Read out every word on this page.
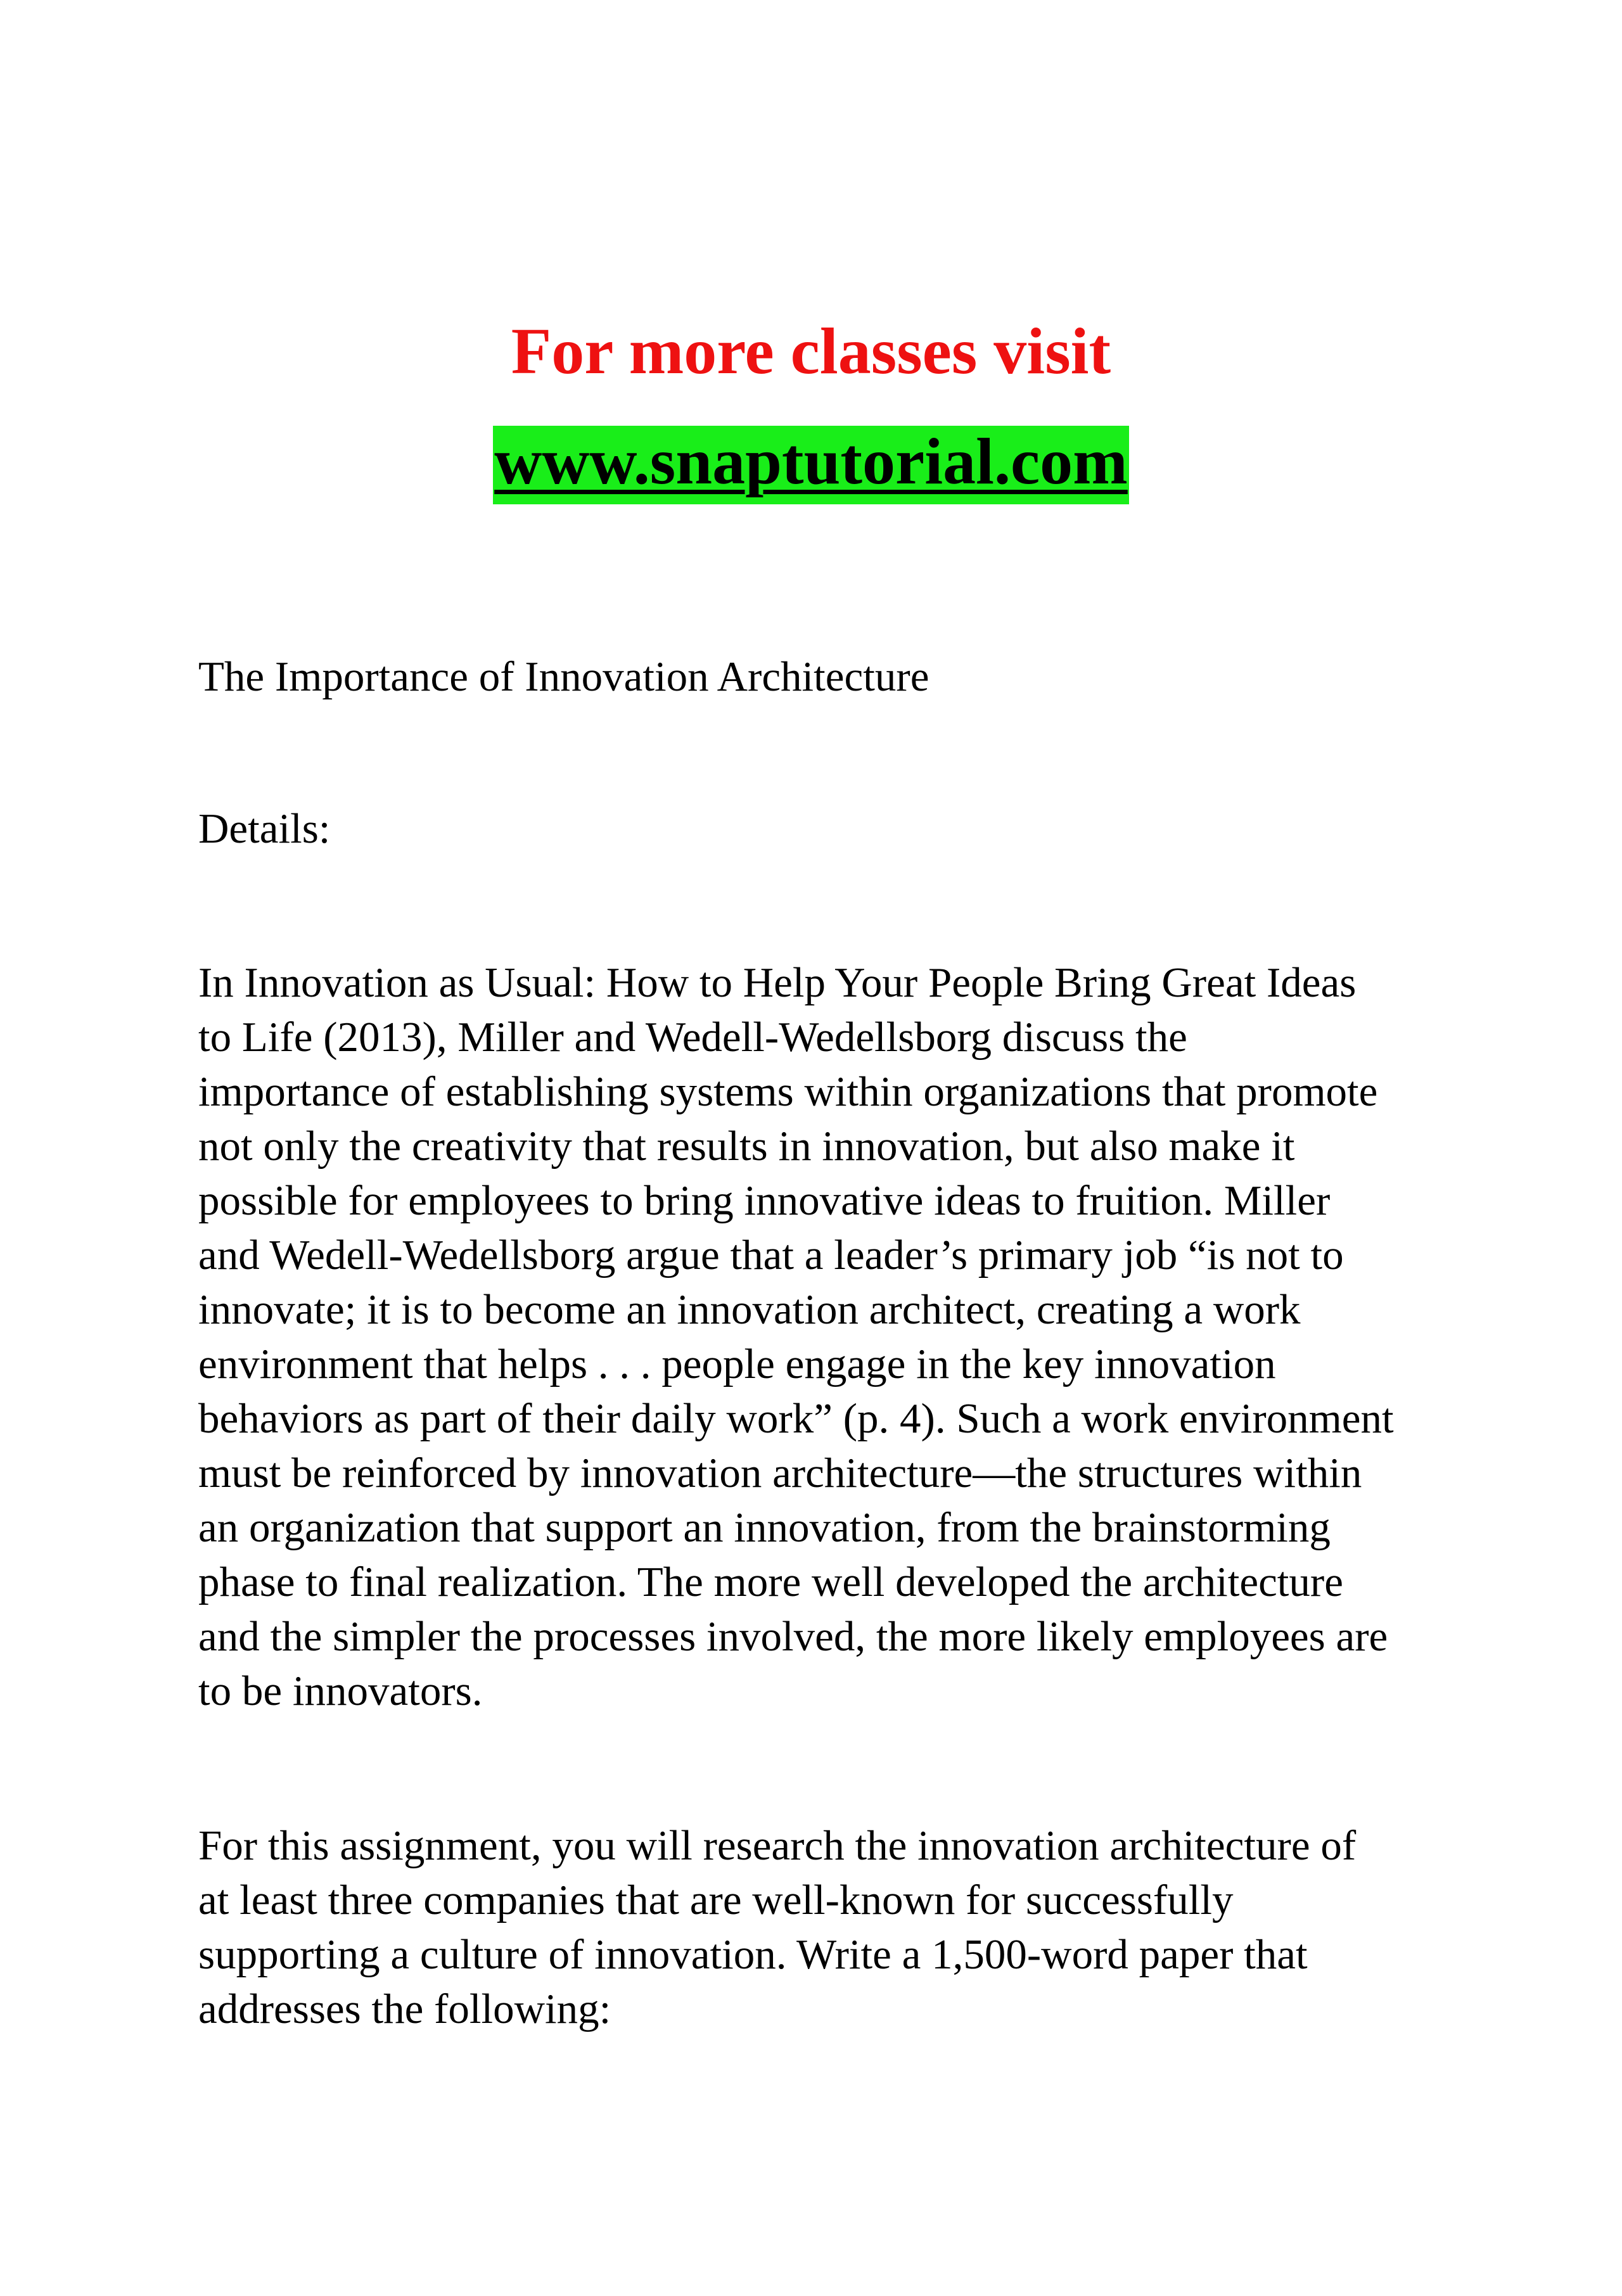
For more classes visit
www.snaptutorial.com
The Importance of Innovation Architecture
Details:
In Innovation as Usual: How to Help Your People Bring Great Ideas
to Life (2013), Miller and Wedell-Wedellsborg discuss the
importance of establishing systems within organizations that promote
not only the creativity that results in innovation, but also make it
possible for employees to bring innovative ideas to fruition. Miller
and Wedell-Wedellsborg argue that a leader’s primary job “is not to
innovate; it is to become an innovation architect, creating a work
environment that helps . . . people engage in the key innovation
behaviors as part of their daily work” (p. 4). Such a work environment
must be reinforced by innovation architecture—the structures within
an organization that support an innovation, from the brainstorming
phase to final realization. The more well developed the architecture
and the simpler the processes involved, the more likely employees are
to be innovators.
For this assignment, you will research the innovation architecture of
at least three companies that are well-known for successfully
supporting a culture of innovation. Write a 1,500-word paper that
addresses the following:
